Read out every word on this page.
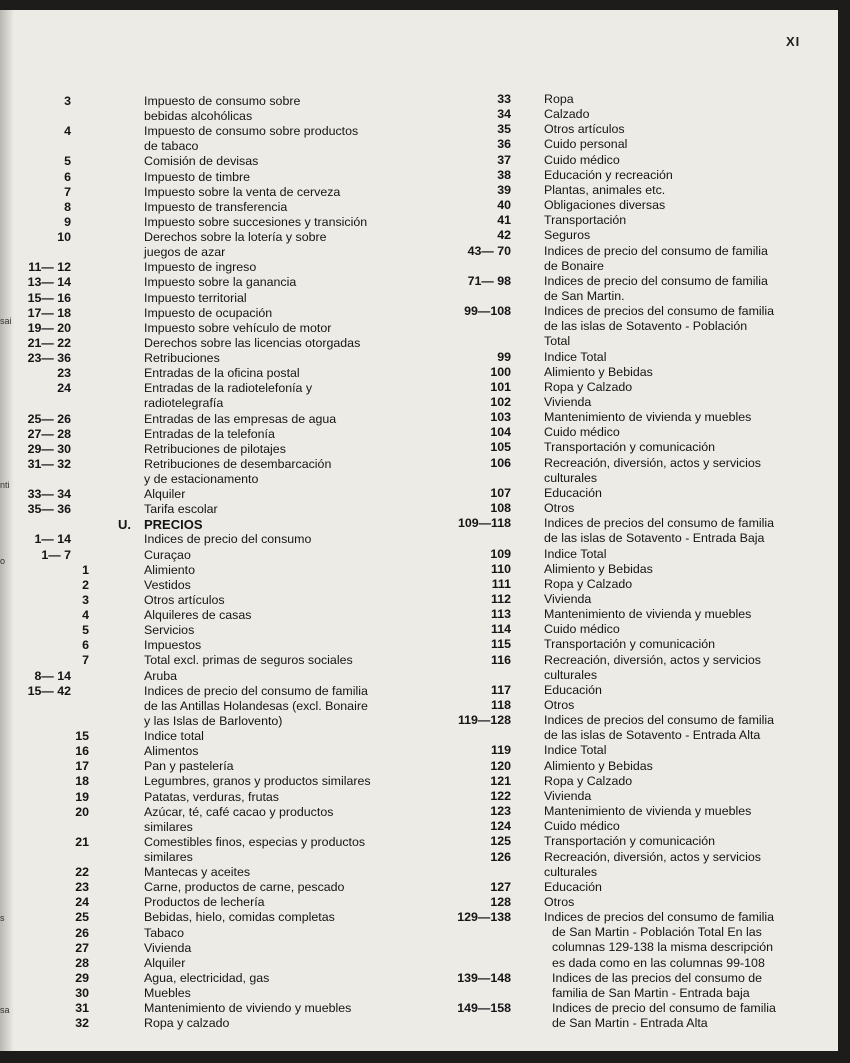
XI
sai
nti
o
s
sa
3	Impuesto de consumo sobre
bebidas alcohólicas
4	Impuesto de consumo sobre productos
de tabaco
5	Comisión de devisas
6	Impuesto de timbre
7	Impuesto sobre la venta de cerveza
8	Impuesto de transferencia
9	Impuesto sobre succesiones y transición
10	Derechos sobre la lotería y sobre
juegos de azar
11— 12	Impuesto de ingreso
13— 14	Impuesto sobre la ganancia
15— 16	Impuesto territorial
17— 18	Impuesto de ocupación
19— 20	Impuesto sobre vehículo de motor
21— 22	Derechos sobre las licencias otorgadas
23— 36	Retribuciones
23	Entradas de la oficina postal
24	Entradas de la radiotelefonía y
radiotelegrafía
25— 26	Entradas de las empresas de agua
27— 28	Entradas de la telefonía
29— 30	Retribuciones de pilotajes
31— 32	Retribuciones de desembarcación
y de estacionamento
33— 34	Alquiler
35— 36	Tarifa escolar
U. PRECIOS
1— 14	Indices de precio del consumo
1— 7	Curaçao
1	Alimiento
2	Vestidos
3	Otros artículos
4	Alquileres de casas
5	Servicios
6	Impuestos
7	Total excl. primas de seguros sociales
8— 14	Aruba
15— 42	Indices de precio del consumo de familia
de las Antillas Holandesas (excl. Bonaire
y las Islas de Barlovento)
15	Indice total
16	Alimentos
17	Pan y pastelería
18	Legumbres, granos y productos similares
19	Patatas, verduras, frutas
20	Azúcar, té, café cacao y productos
similares
21	Comestibles finos, especias y productos
similares
22	Mantecas y aceites
23	Carne, productos de carne, pescado
24	Productos de lechería
25	Bebidas, hielo, comidas completas
26	Tabaco
27	Vivienda
28	Alquiler
29	Agua, electricidad, gas
30	Muebles
31	Mantenimiento de viviendo y muebles
32	Ropa y calzado
33	Ropa
34	Calzado
35	Otros artículos
36	Cuido personal
37	Cuido médico
38	Educación y recreación
39	Plantas, animales etc.
40	Obligaciones diversas
41	Transportación
42	Seguros
43— 70	Indices de precio del consumo de familia
de Bonaire
71— 98	Indices de precio del consumo de familia
de San Martin.
99—108	Indices de precios del consumo de familia
de las islas de Sotavento - Población
Total
99	Indice Total
100	Alimiento y Bebidas
101	Ropa y Calzado
102	Vivienda
103	Mantenimiento de vivienda y muebles
104	Cuido médico
105	Transportación y comunicación
106	Recreación, diversión, actos y servicios
culturales
107	Educación
108	Otros
109—118	Indices de precios del consumo de familia
de las islas de Sotavento - Entrada Baja
109	Indice Total
110	Alimiento y Bebidas
111	Ropa y Calzado
112	Vivienda
113	Mantenimiento de vivienda y muebles
114	Cuido médico
115	Transportación y comunicación
116	Recreación, diversión, actos y servicios
culturales
117	Educación
118	Otros
119—128	Indices de precios del consumo de familia
de las islas de Sotavento - Entrada Alta
119	Indice Total
120	Alimiento y Bebidas
121	Ropa y Calzado
122	Vivienda
123	Mantenimiento de vivienda y muebles
124	Cuido médico
125	Transportación y comunicación
126	Recreación, diversión, actos y servicios
culturales
127	Educación
128	Otros
129—138	Indices de precios del consumo de familia
de San Martin - Población Total En las
columnas 129-138 la misma descripción
es dada como en las columnas 99-108
139—148	Indices de las precios del consumo de
familia de San Martin - Entrada baja
149—158	Indices de precio del consumo de familia
de San Martin - Entrada Alta
